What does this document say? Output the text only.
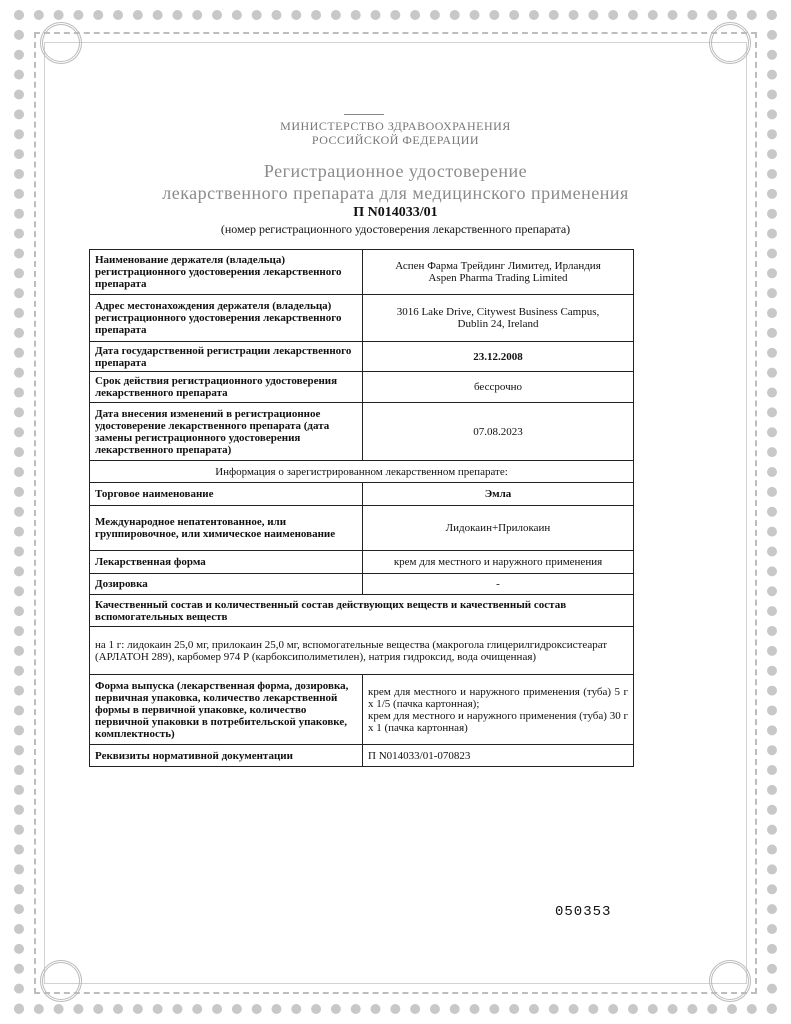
МИНИСТЕРСТВО ЗДРАВООХРАНЕНИЯ
РОССИЙСКОЙ ФЕДЕРАЦИИ
Регистрационное удостоверение
лекарственного препарата для медицинского применения
П N014033/01
(номер регистрационного удостоверения лекарственного препарата)
Наименование держателя (владельца) регистрационного удостоверения лекарственного препарата	Аспен Фарма Трейдинг Лимитед, Ирландия
Aspen Pharma Trading Limited

Адрес местонахождения держателя (владельца) регистрационного удостоверения лекарственного препарата	3016 Lake Drive, Citywest Business Campus,
Dublin 24, Ireland

Дата государственной регистрации лекарственного препарата	23.12.2008
Срок действия регистрационного удостоверения лекарственного препарата	бессрочно
Дата внесения изменений в регистрационное удостоверение лекарственного препарата (дата замены регистрационного удостоверения лекарственного препарата)	07.08.2023
Информация о зарегистрированном лекарственном препарате:	
Торговое наименование	Эмла
Международное непатентованное, или группировочное, или химическое наименование	Лидокаин+Прилокаин
Лекарственная форма	крем для местного и наружного применения
Дозировка	-
Качественный состав и количественный состав действующих веществ и качественный состав вспомогательных веществ	
на 1 г: лидокаин 25,0 мг, прилокаин 25,0 мг, вспомогательные вещества (макрогола глицерилгидроксистеарат (АРЛАТОН 289), карбомер 974 Р (карбоксиполиметилен), натрия гидроксид, вода очищенная)	
Форма выпуска (лекарственная форма, дозировка, первичная упаковка, количество лекарственной формы в первичной упаковке, количество первичной упаковки в потребительской упаковке, комплектность)	крем для местного и наружного применения (туба) 5 г x 1/5 (пачка картонная);
крем для местного и наружного применения (туба) 30 г x 1 (пачка картонная)

Реквизиты нормативной документации	П N014033/01-070823
050353
